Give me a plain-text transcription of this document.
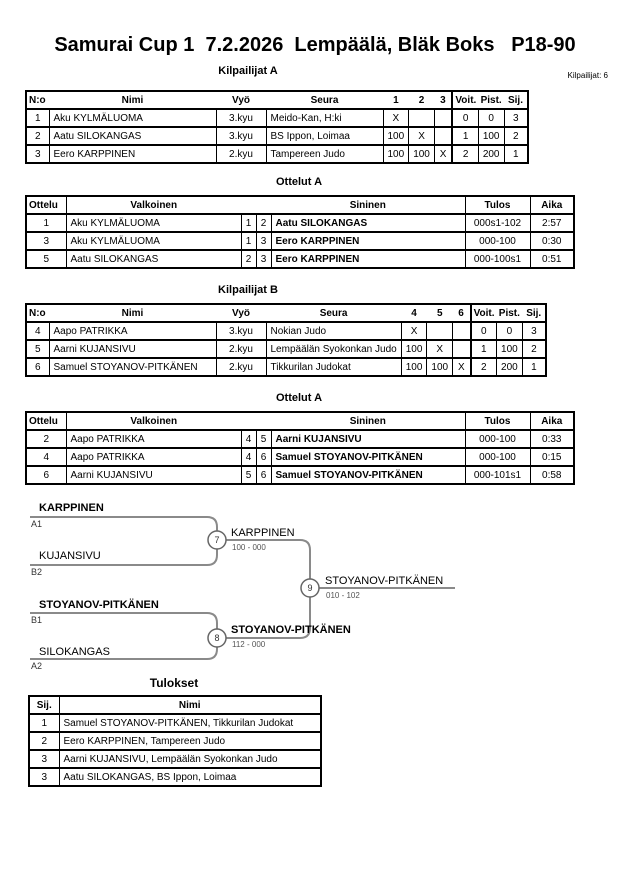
Samurai Cup 1  7.2.2026  Lempäälä, Bläk Boks   P18-90
Kilpailijat: 6
Kilpailijat A
N:o	Nimi	Vyö	Seura	1	2	3	Voit.	Pist.	Sij.
1	Aku KYLMÄLUOMA	3.kyu	Meido-Kan, H:ki	X			0	0	3
2	Aatu SILOKANGAS	3.kyu	BS Ippon, Loimaa	100	X		1	100	2
3	Eero KARPPINEN	2.kyu	Tampereen Judo	100	100	X	2	200	1
Ottelut A
Ottelu	Valkoinen			Sininen	Tulos	Aika
1	Aku KYLMÄLUOMA	1	2	Aatu SILOKANGAS	000s1-102	2:57
3	Aku KYLMÄLUOMA	1	3	Eero KARPPINEN	000-100	0:30
5	Aatu SILOKANGAS	2	3	Eero KARPPINEN	000-100s1	0:51
Kilpailijat B
N:o	Nimi	Vyö	Seura	4	5	6	Voit.	Pist.	Sij.
4	Aapo PATRIKKA	3.kyu	Nokian Judo	X			0	0	3
5	Aarni KUJANSIVU	2.kyu	Lempäälän Syokonkan Judo	100	X		1	100	2
6	Samuel STOYANOV-PITKÄNEN	2.kyu	Tikkurilan Judokat	100	100	X	2	200	1
Ottelut A
Ottelu	Valkoinen			Sininen	Tulos	Aika
2	Aapo PATRIKKA	4	5	Aarni KUJANSIVU	000-100	0:33
4	Aapo PATRIKKA	4	6	Samuel STOYANOV-PITKÄNEN	000-100	0:15
6	Aarni KUJANSIVU	5	6	Samuel STOYANOV-PITKÄNEN	000-101s1	0:58
7
8
9
KARPPINEN
A1
KUJANSIVU
B2
STOYANOV-PITKÄNEN
B1
SILOKANGAS
A2
KARPPINEN
100 - 000
STOYANOV-PITKÄNEN
112 - 000
STOYANOV-PITKÄNEN
010 - 102
Tulokset
Sij.	Nimi
1	Samuel STOYANOV-PITKÄNEN, Tikkurilan Judokat
2	Eero KARPPINEN, Tampereen Judo
3	Aarni KUJANSIVU, Lempäälän Syokonkan Judo
3	Aatu SILOKANGAS, BS Ippon, Loimaa
